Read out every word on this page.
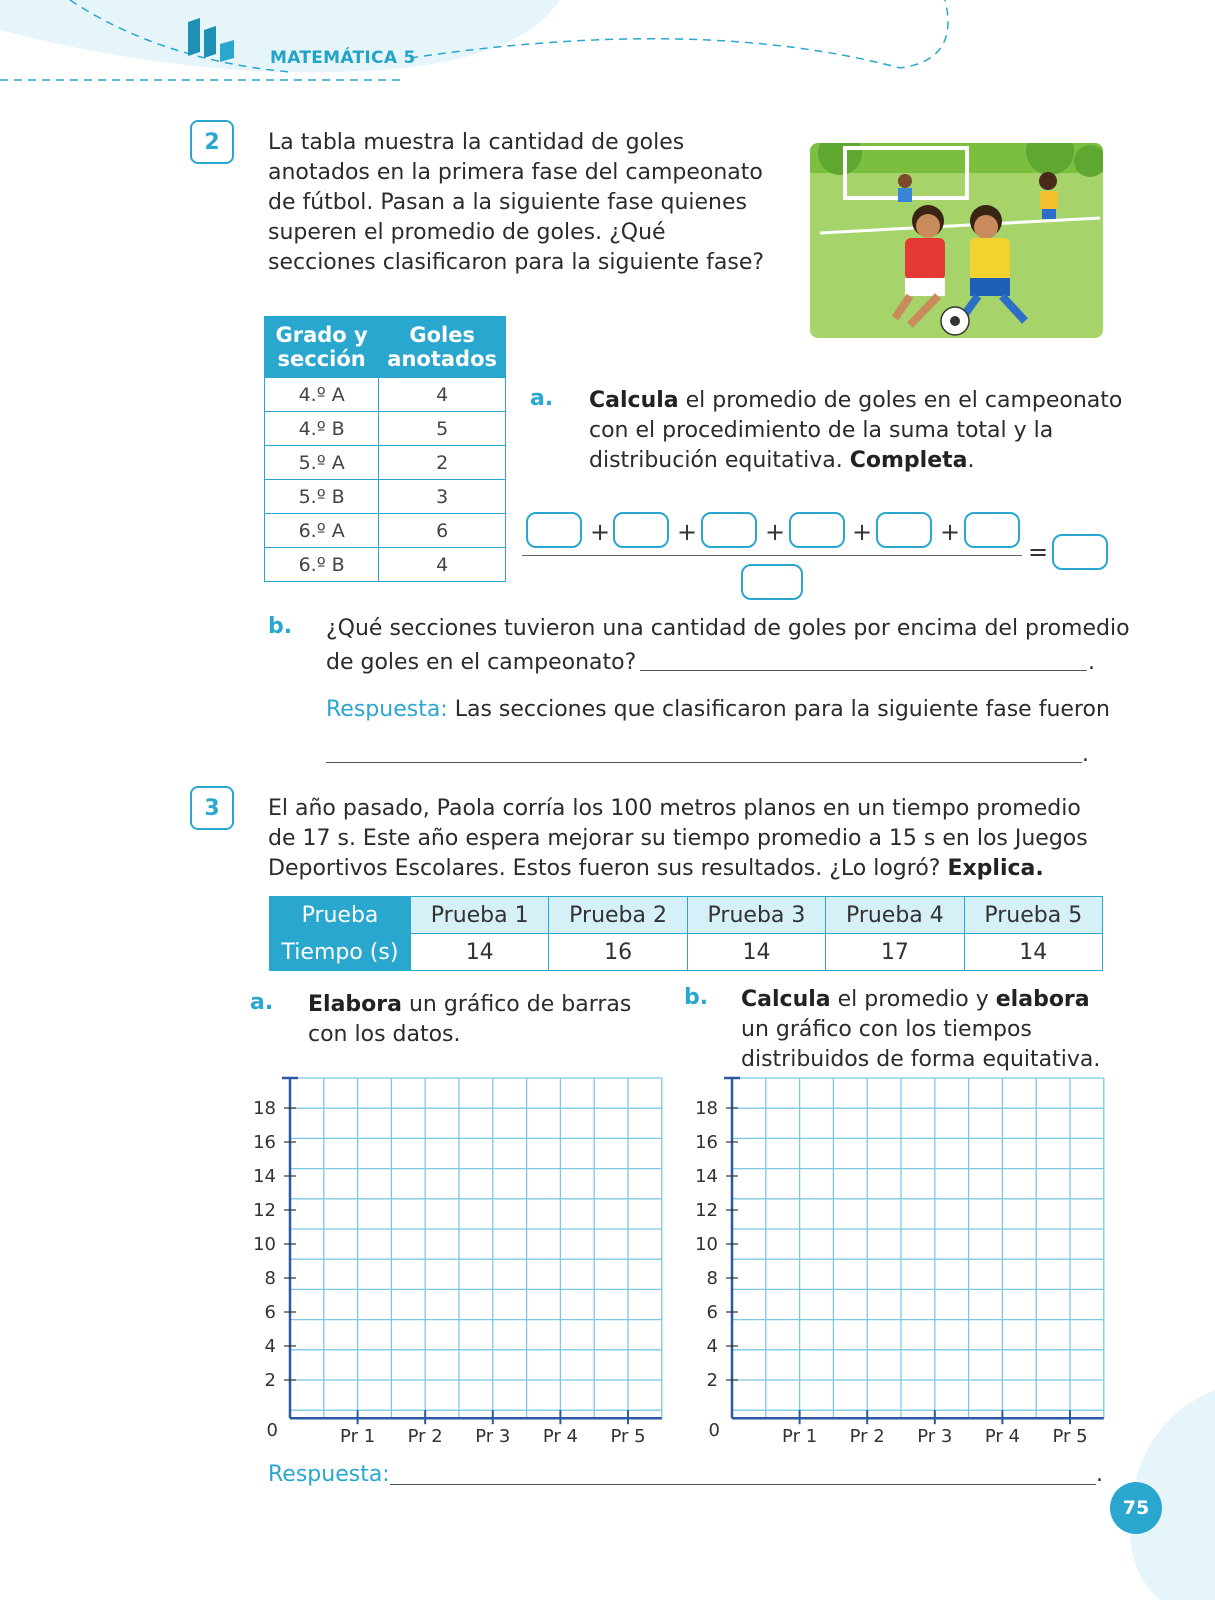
MATEMÁTICA 5
2	La tabla muestra la cantidad de goles
anotados en la primera fase del campeonato
de fútbol. Pasan a la siguiente fase quienes
superen el promedio de goles. ¿Qué
secciones clasificaron para la siguiente fase?
Grado y
sección	Goles
anotados
4.º A	4
4.º B	5
5.º A	2
5.º B	3
6.º A	6
6.º B	4
a. Calcula el promedio de goles en el campeonato
con el procedimiento de la suma total y la
distribución equitativa. Completa.
+	+	+	+	+
=
b. ¿Qué secciones tuvieron una cantidad de goles por encima del promedio
de goles en el campeonato?	.
Respuesta: Las secciones que clasificaron para la siguiente fase fueron
.
3	El año pasado, Paola corría los 100 metros planos en un tiempo promedio
de 17 s. Este año espera mejorar su tiempo promedio a 15 s en los Juegos
Deportivos Escolares. Estos fueron sus resultados. ¿Lo logró? Explica.
Prueba	Prueba 1	Prueba 2	Prueba 3	Prueba 4	Prueba 5
Tiempo (s)	14	16	14	17	14
a. Elabora un gráfico de barras
con los datos.
b. Calcula el promedio y elabora
un gráfico con los tiempos
distribuidos de forma equitativa.
18
16
14
12
10
8
6
4
2
0	Pr 1 Pr 2 Pr 3 Pr 4 Pr 5
18
16
14
12
10
8
6
4
2
0	Pr 1 Pr 2 Pr 3 Pr 4 Pr 5
Respuesta:	.
75
